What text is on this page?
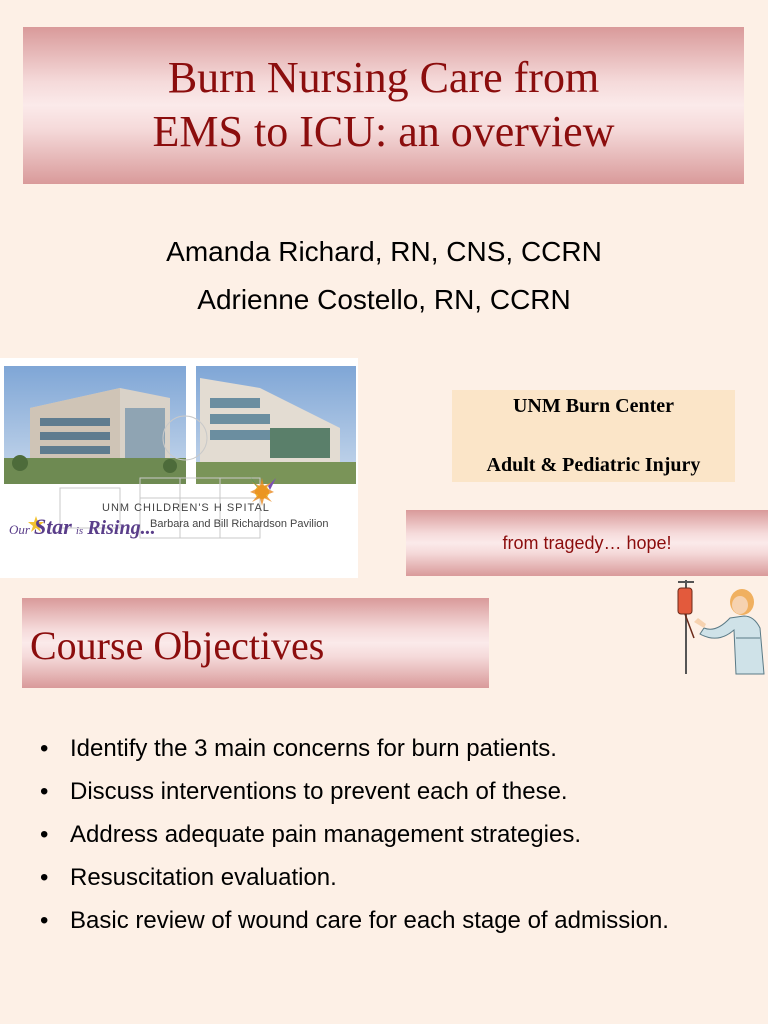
Burn Nursing Care from
EMS to ICU: an overview
Amanda Richard, RN, CNS, CCRN
Adrienne Costello, RN, CCRN
UNM CHILDREN'S H SPITAL
Barbara and Bill Richardson Pavilion
Our Star is Rising...
UNM Burn Center
Adult & Pediatric Injury
from tragedy… hope!
Course Objectives
• Identify the 3 main concerns for burn patients.
• Discuss interventions to prevent each of these.
• Address adequate pain management strategies.
• Resuscitation evaluation.
• Basic review of wound care for each stage of admission.
